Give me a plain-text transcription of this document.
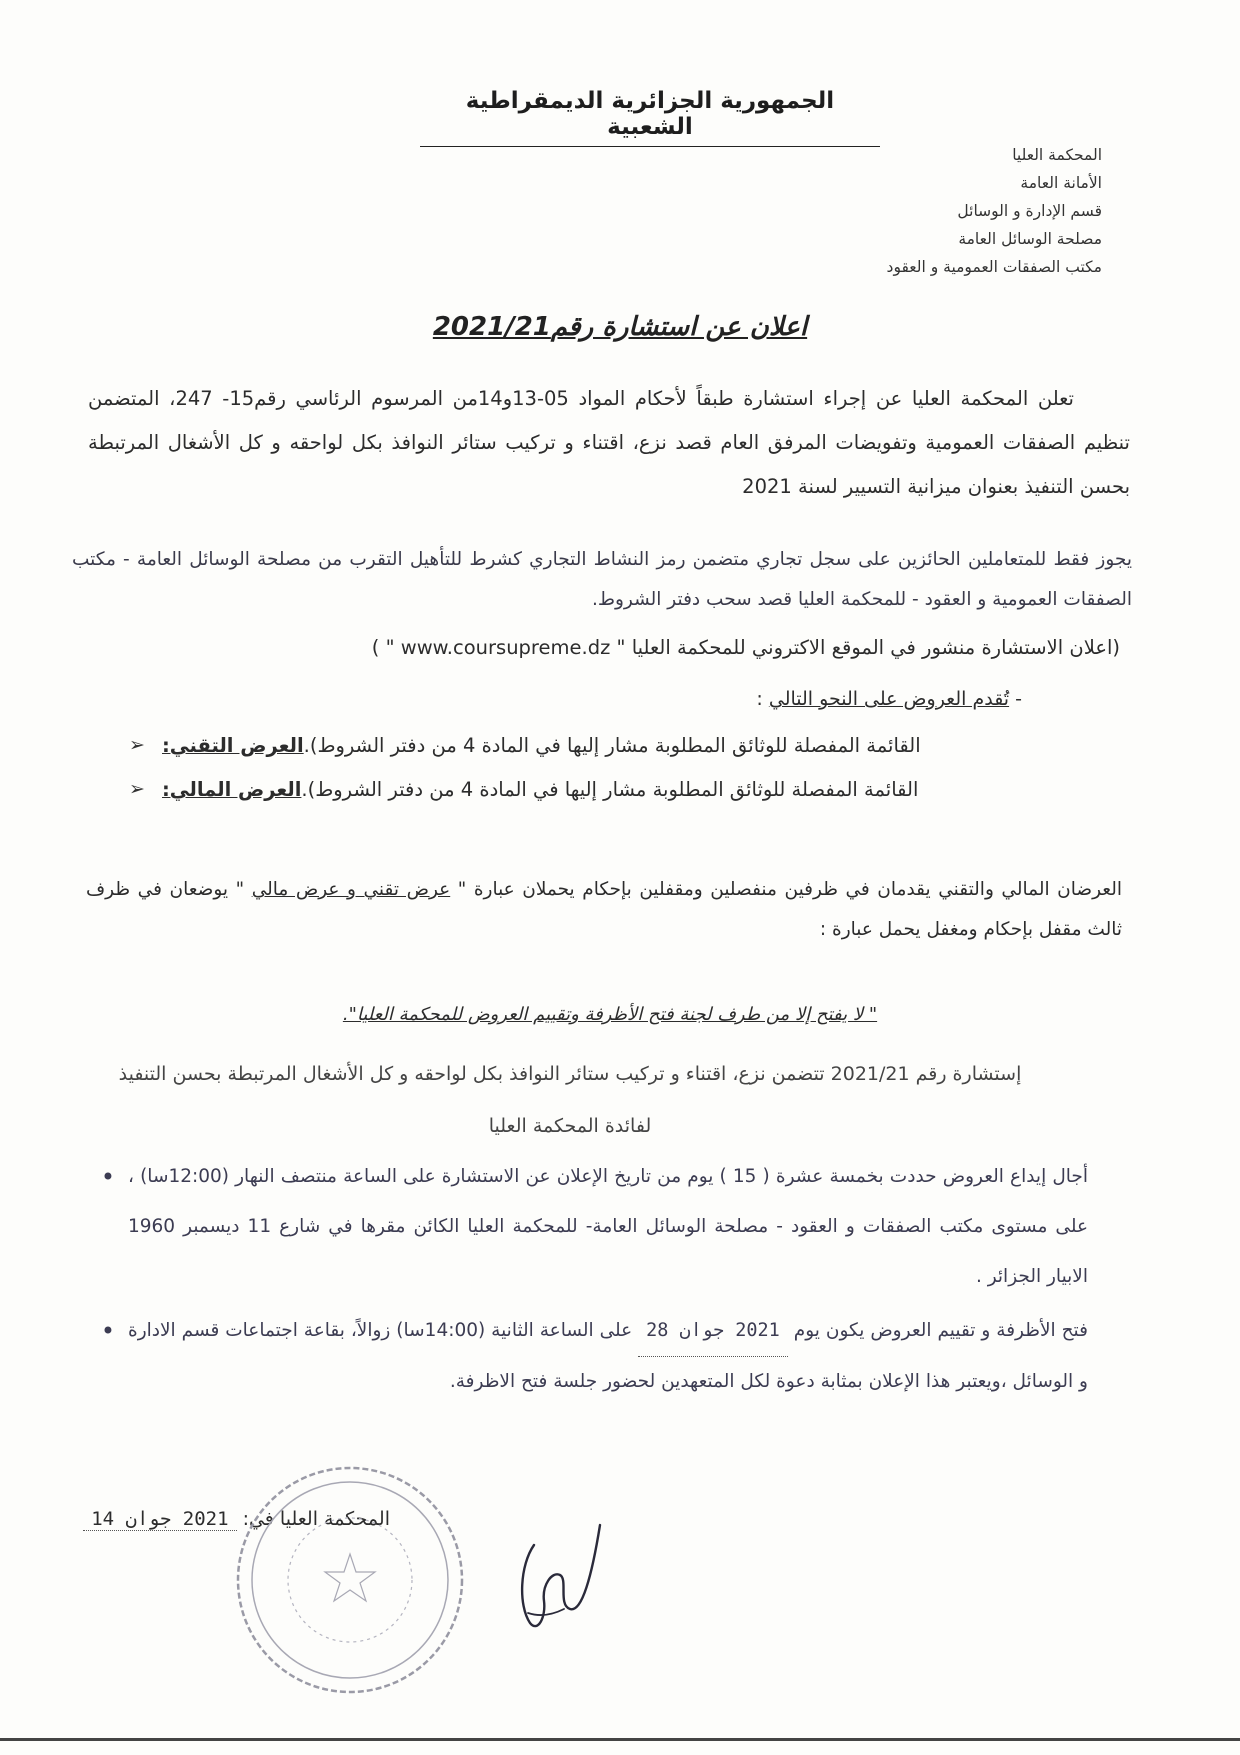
الجمهورية الجزائرية الديمقراطية الشعبية
المحكمة العليا
الأمانة العامة
قسم الإدارة و الوسائل
مصلحة الوسائل العامة
مكتب الصفقات العمومية و العقود
اعلان عن استشارة رقم2021/21
تعلن المحكمة العليا عن إجراء استشارة طبقاً لأحكام المواد 05-13و14من المرسوم الرئاسي رقم15- 247، المتضمن تنظيم الصفقات العمومية وتفويضات المرفق العام قصد نزع، اقتناء و تركيب ستائر النوافذ بكل لواحقه و كل الأشغال المرتبطة بحسن التنفيذ بعنوان ميزانية التسيير لسنة 2021
يجوز فقط للمتعاملين الحائزين على سجل تجاري متضمن رمز النشاط التجاري كشرط للتأهيل التقرب من مصلحة الوسائل العامة - مكتب الصفقات العمومية و العقود - للمحكمة العليا قصد سحب دفتر الشروط.
(اعلان الاستشارة منشور في الموقع الاكتروني للمحكمة العليا " www.coursupreme.dz " )
- تُقدم العروض على النحو التالي :
➢ العرض التقني: القائمة المفصلة للوثائق المطلوبة مشار إليها في المادة 4 من دفتر الشروط).
➢ العرض المالي: القائمة المفصلة للوثائق المطلوبة مشار إليها في المادة 4 من دفتر الشروط).
العرضان المالي والتقني يقدمان في ظرفين منفصلين ومقفلين بإحكام يحملان عبارة " عرض تقني و عرض مالي " يوضعان في ظرف ثالث مقفل بإحكام ومغفل يحمل عبارة :
" لا يفتح إلا من طرف لجنة فتح الأظرفة وتقييم العروض للمحكمة العليا".
إستشارة رقم 2021/21 تتضمن نزع، اقتناء و تركيب ستائر النوافذ بكل لواحقه و كل الأشغال المرتبطة بحسن التنفيذ لفائدة المحكمة العليا
• أجال إيداع العروض حددت بخمسة عشرة ( 15 ) يوم من تاريخ الإعلان عن الاستشارة على الساعة منتصف النهار (12:00سا) ، على مستوى مكتب الصفقات و العقود - مصلحة الوسائل العامة- للمحكمة العليا الكائن مقرها في شارع 11 ديسمبر 1960 الابيار الجزائر .
•	فتح الأظرفة و تقييم العروض يكون يوم 2021 جوان 28 على الساعة الثانية (14:00سا) زوالاً، بقاعة اجتماعات قسم الادارة و الوسائل ،ويعتبر هذا الإعلان بمثابة دعوة لكل المتعهدين لحضور جلسة فتح الاظرفة.
المحكمة العليا في: 2021 جوان 14
